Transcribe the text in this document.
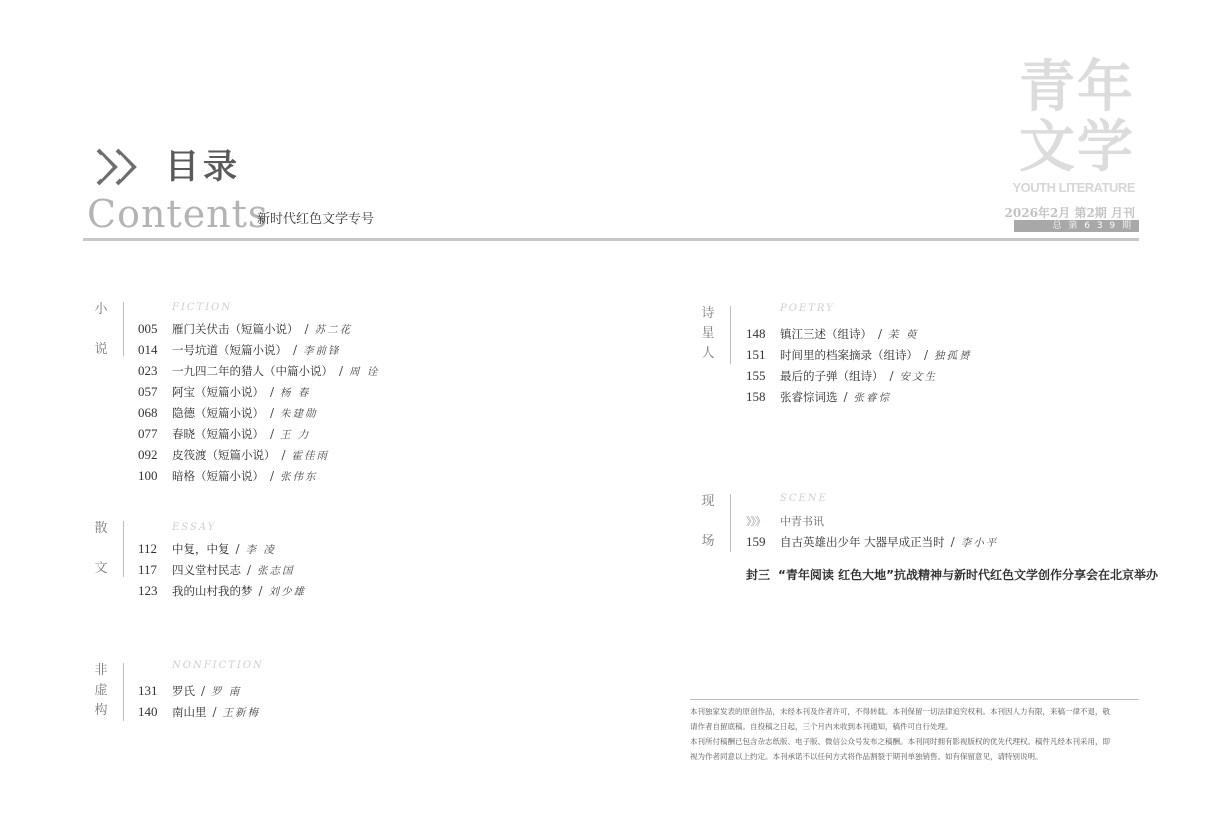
目录
Contents
新时代红色文学专号
青年
文学
YOUTH LITERATURE
2026年2月 第2期 月刊
总 第 6 3 9 期
小
说
FICTION
005 雁门关伏击（短篇小说） / 苏二花
014 一号坑道（短篇小说） / 李前锋
023 一九四二年的猎人（中篇小说） / 周 诠
057 阿宝（短篇小说） / 杨 春
068 隐德（短篇小说） / 朱建勋
077 春晓（短篇小说） / 王 力
092 皮筏渡（短篇小说） / 霍佳雨
100 暗格（短篇小说） / 张伟东
散
文
ESSAY
112 中复，中复 / 李 凌
117 四义堂村民志 / 张志国
123 我的山村我的梦 / 刘少雄
非
虚
构
NONFICTION
131 罗氏 / 罗 南
140 南山里 / 王新梅
诗
星
人
POETRY
148 镇江三述（组诗） / 苿 萸
151 时间里的档案摘录（组诗） / 独孤赟
155 最后的子弹（组诗） / 安文生
158 张睿悰词选 / 张睿悰
现
场
SCENE
》》》 中青书讯
159 自古英雄出少年 大器早成正当时 / 李小平
封三 “青年阅读 红色大地”抗战精神与新时代红色文学创作分享会在北京举办
本刊独家发表的原创作品，未经本刊及作者许可，不得转载。本刊保留一切法律追究权利。本刊因人力有限，来稿一律不退，敬
请作者自留底稿。自投稿之日起，三个月内未收到本刊通知，稿件可自行处理。
本刊所付稿酬已包含杂志纸版、电子版、微信公众号发布之稿酬。本刊同时拥有影视版权的优先代理权。稿件凡经本刊采用，即
视为作者同意以上约定。本刊承诺不以任何方式将作品割裂于期刊单独销售。如有保留意见，请特别说明。
